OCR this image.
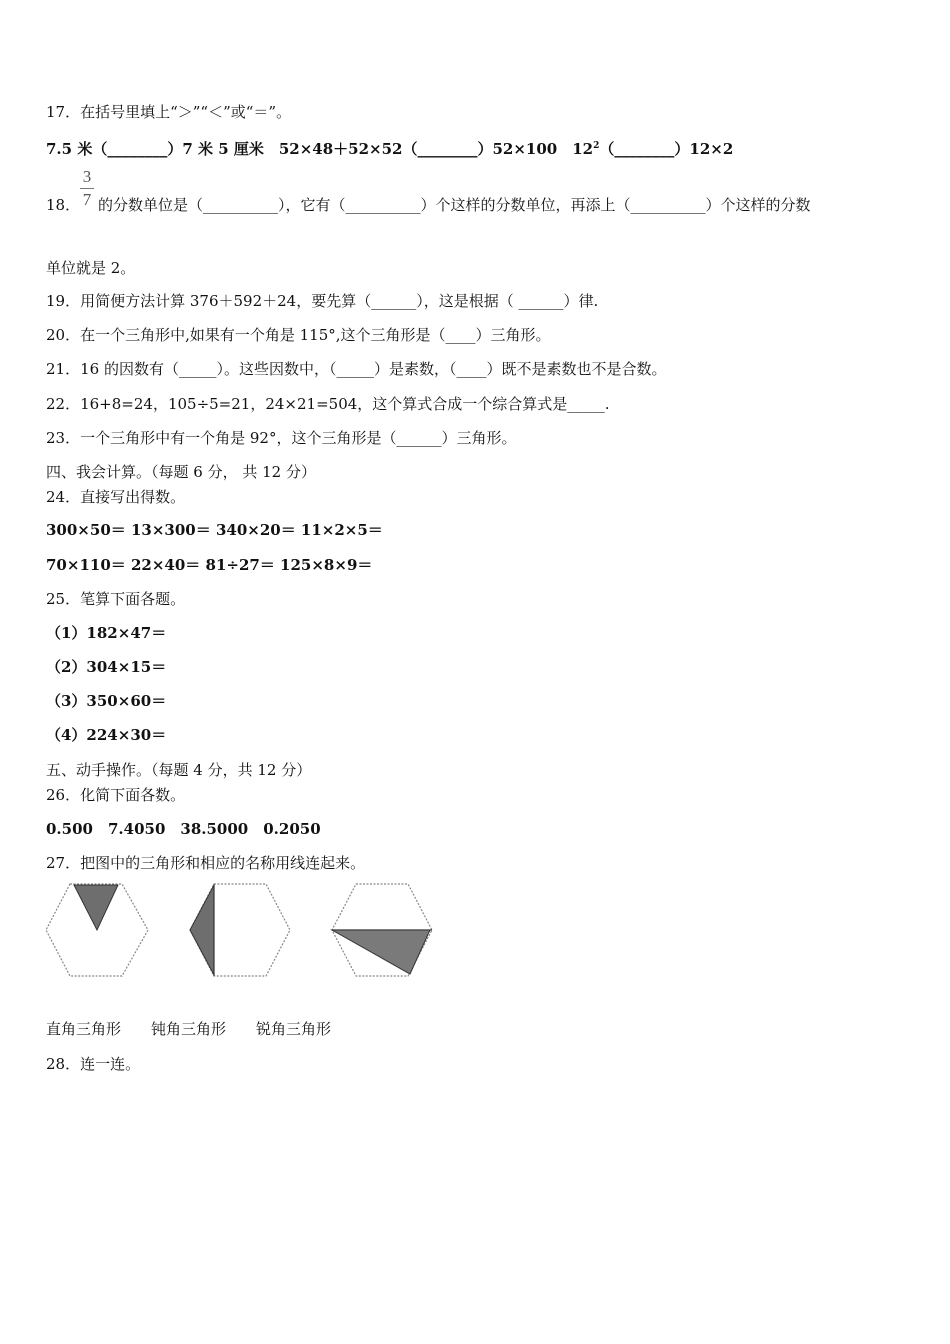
17．在括号里填上“＞”“＜”或“＝”。
7.5 米（________）7 米 5 厘米　52×48＋52×52（________）52×100　$12^2(\_\_\_\_\_\_\_\_)12\times 2$
3
7
18． 的分数单位是（__________），它有（__________）个这样的分数单位，再添上（__________）个这样的分数
单位就是 2。
19．用简便方法计算 376＋592＋24，要先算（______），这是根据（ ______）律.
20．在一个三角形中,如果有一个角是 115°,这个三角形是（____）三角形。
21．16 的因数有（_____）。这些因数中，（_____）是素数，（____）既不是素数也不是合数。
22．16+8=24，105÷5=21，24×21=504，这个算式合成一个综合算式是_____.
23．一个三角形中有一个角是 92°，这个三角形是（______）三角形。
四、我会计算。（每题 6 分， 共 12 分）
24．直接写出得数。
300×50＝ 13×300＝ 340×20＝ 11×2×5＝
70×110＝ 22×40＝ 81÷27＝ 125×8×9＝
25．笔算下面各题。
（1）182×47＝
（2）304×15＝
（3）350×60＝
（4）224×30＝
五、动手操作。（每题 4 分，共 12 分）
26．化简下面各数。
0.500　7.4050　38.5000　0.2050
27．把图中的三角形和相应的名称用线连起来。
直角三角形　　钝角三角形　　锐角三角形
28．连一连。
